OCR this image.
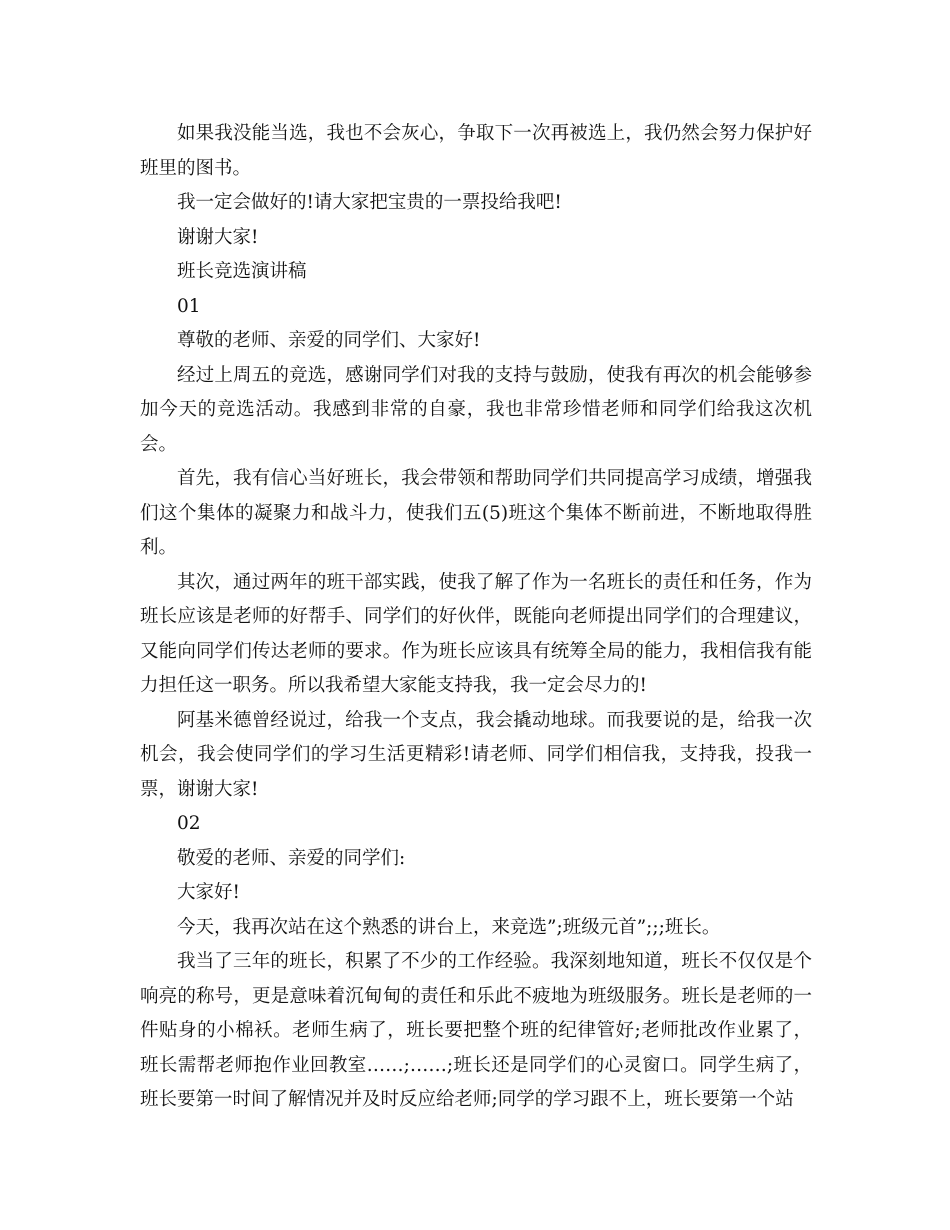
如果我没能当选，我也不会灰心，争取下一次再被选上，我仍然会努力保护好班里的图书。

我一定会做好的!请大家把宝贵的一票投给我吧!

谢谢大家!

班长竞选演讲稿

01

尊敬的老师、亲爱的同学们、大家好!

经过上周五的竞选，感谢同学们对我的支持与鼓励，使我有再次的机会能够参加今天的竞选活动。我感到非常的自豪，我也非常珍惜老师和同学们给我这次机会。

首先，我有信心当好班长，我会带领和帮助同学们共同提高学习成绩，增强我们这个集体的凝聚力和战斗力，使我们五(5)班这个集体不断前进，不断地取得胜利。

其次，通过两年的班干部实践，使我了解了作为一名班长的责任和任务，作为班长应该是老师的好帮手、同学们的好伙伴，既能向老师提出同学们的合理建议，又能向同学们传达老师的要求。作为班长应该具有统筹全局的能力，我相信我有能力担任这一职务。所以我希望大家能支持我，我一定会尽力的!

阿基米德曾经说过，给我一个支点，我会撬动地球。而我要说的是，给我一次机会，我会使同学们的学习生活更精彩!请老师、同学们相信我，支持我，投我一票，谢谢大家!

02

敬爱的老师、亲爱的同学们:

大家好!

今天，我再次站在这个熟悉的讲台上，来竞选”;班级元首”;;;班长。

我当了三年的班长，积累了不少的工作经验。我深刻地知道，班长不仅仅是个响亮的称号，更是意味着沉甸甸的责任和乐此不疲地为班级服务。班长是老师的一件贴身的小棉袄。老师生病了，班长要把整个班的纪律管好;老师批改作业累了，班长需帮老师抱作业回教室……;……;班长还是同学们的心灵窗口。同学生病了，班长要第一时间了解情况并及时反应给老师;同学的学习跟不上，班长要第一个站
